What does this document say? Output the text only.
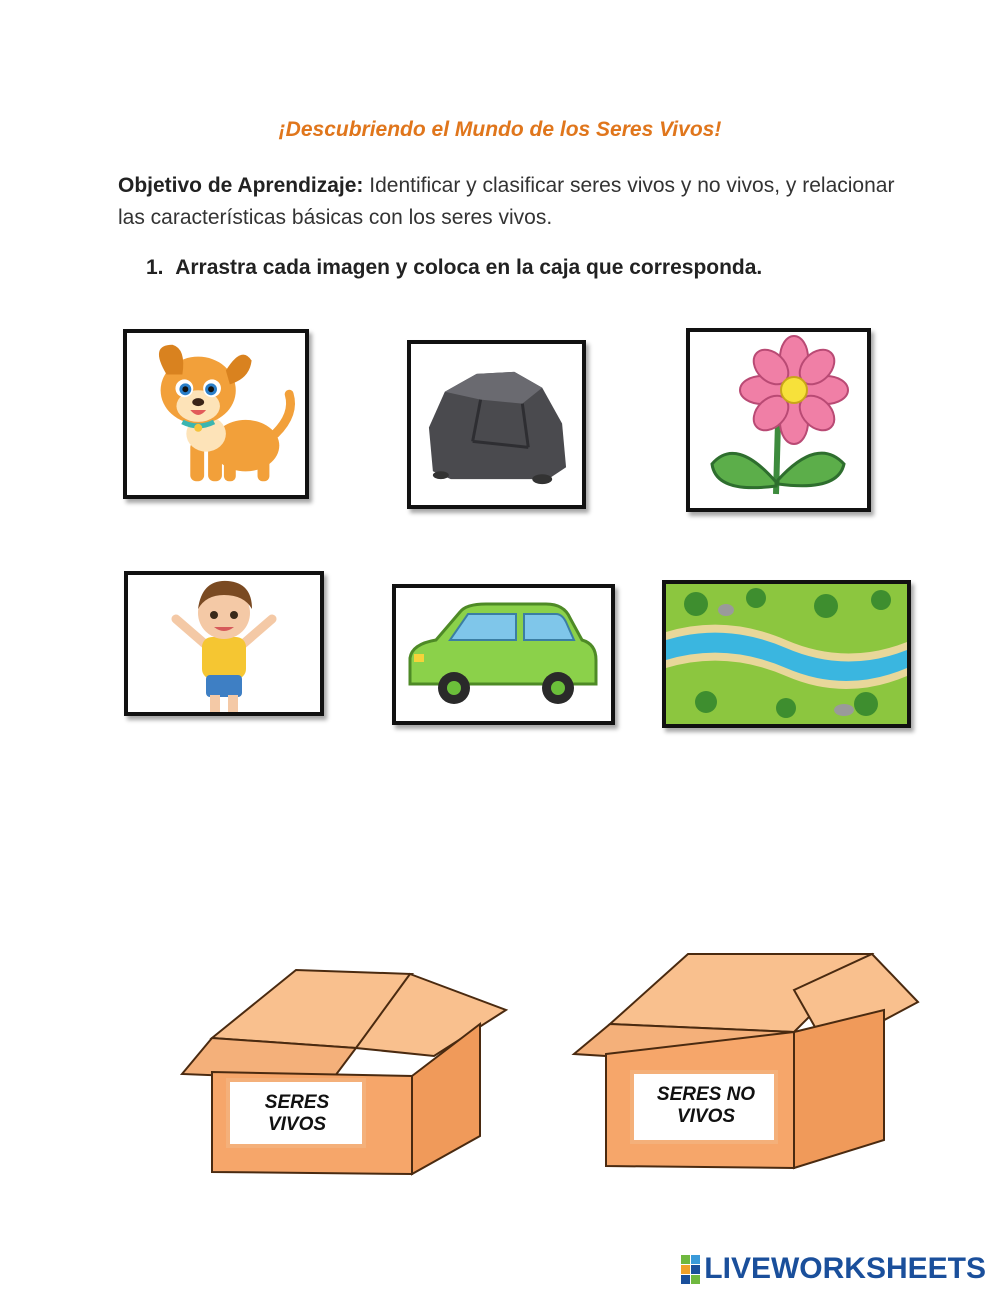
¡Descubriendo el Mundo de los Seres Vivos!
Objetivo de Aprendizaje: Identificar y clasificar seres vivos y no vivos, y relacionar las características básicas con los seres vivos.
1. Arrastra cada imagen y coloca en la caja que corresponda.
SERES VIVOS
SERES NO VIVOS
LIVEWORKSHEETS
